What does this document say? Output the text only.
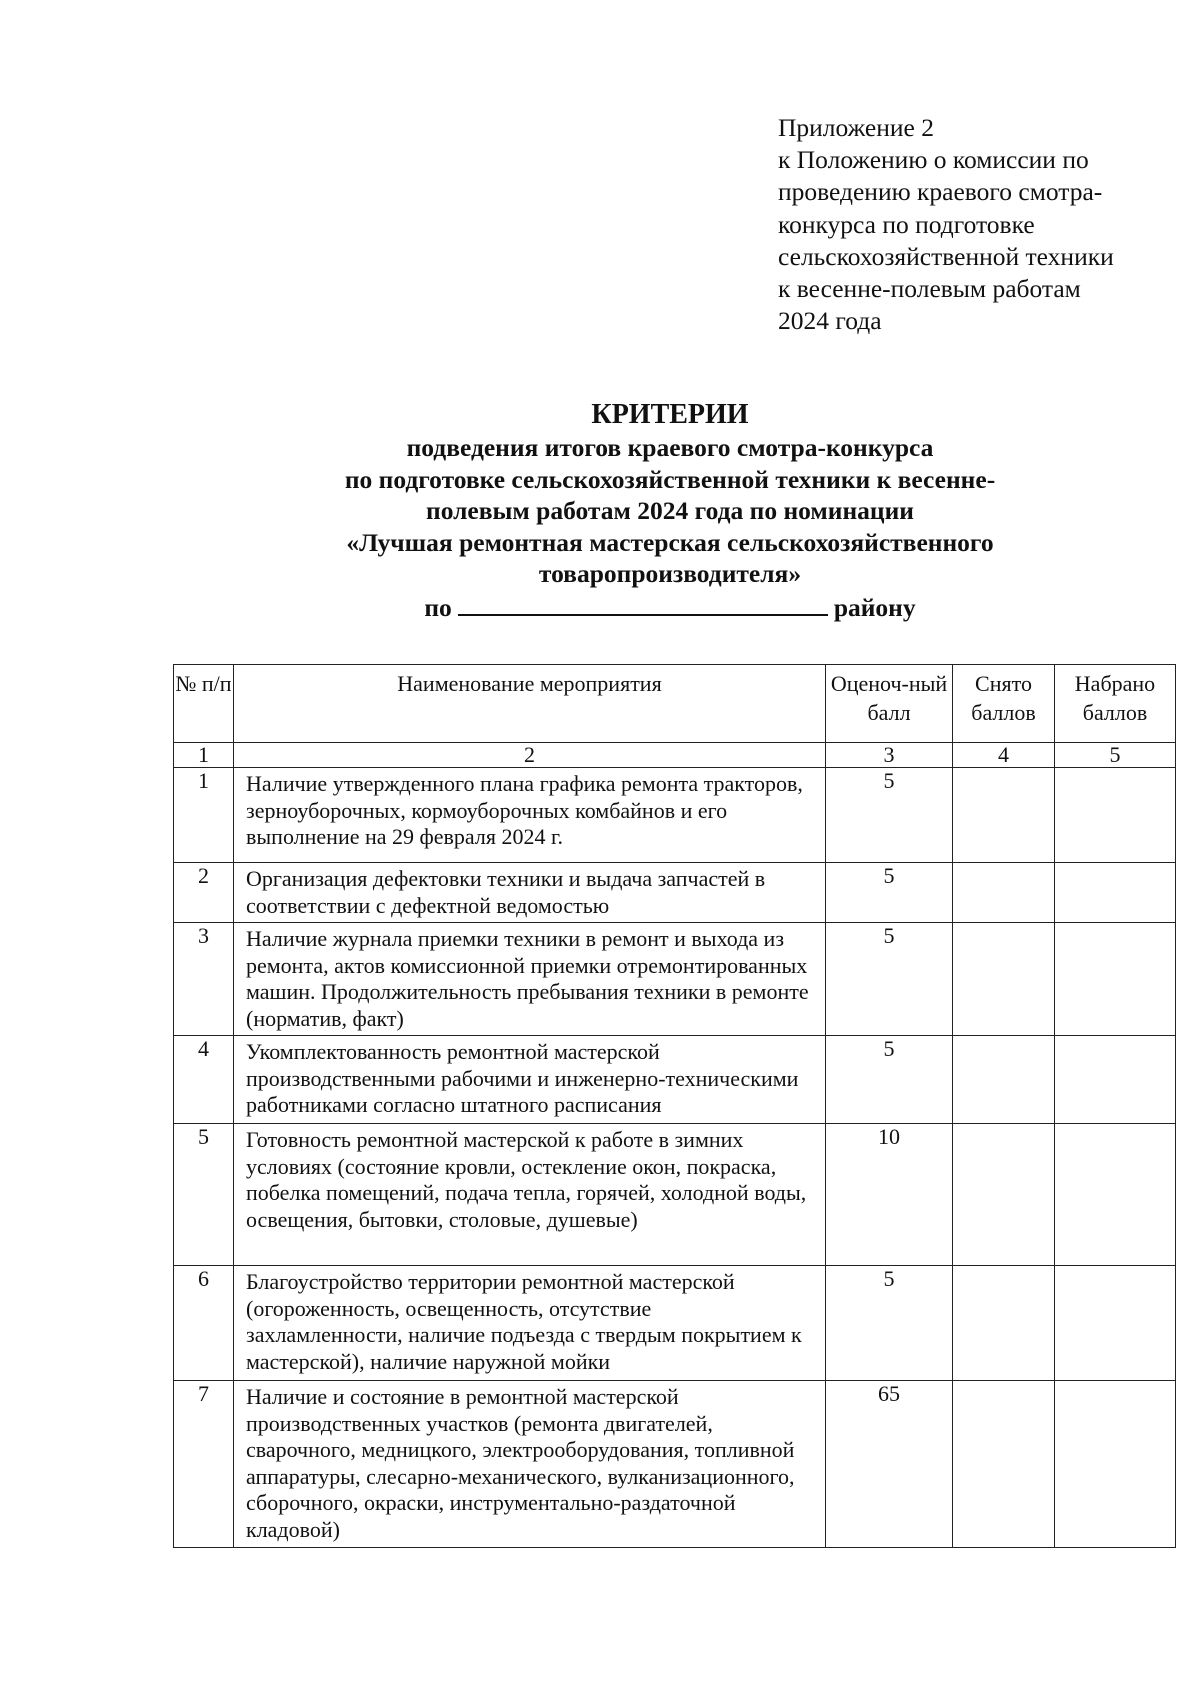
Приложение 2
к Положению о комиссии по
проведению краевого смотра-
конкурса по подготовке
сельскохозяйственной техники
к весенне-полевым работам
2024 года
КРИТЕРИИ
подведения итогов краевого смотра-конкурса
по подготовке сельскохозяйственной техники к весенне-
полевым работам 2024 года по номинации
«Лучшая ремонтная мастерская сельскохозяйственного
товаропроизводителя»
по	району
№ п/п	Наименование мероприятия	Оценоч-ный балл	Снято баллов	Набрано баллов

1	2	3	4	5
1	Наличие утвержденного плана графика ремонта тракторов, зерноуборочных, кормоуборочных комбайнов и его выполнение на 29 февраля 2024 г.	5		
2	Организация дефектовки техники и выдача запчастей в соответствии с дефектной ведомостью	5		
3	Наличие журнала приемки техники в ремонт и выхода из ремонта, актов комиссионной приемки отремонтированных машин. Продолжительность пребывания техники в ремонте (норматив, факт)	5		
4	Укомплектованность ремонтной мастерской производственными рабочими и инженерно-техническими работниками согласно штатного расписания	5		
5	Готовность ремонтной мастерской к работе в зимних условиях (состояние кровли, остекление окон, покраска, побелка помещений, подача тепла, горячей, холодной воды, освещения, бытовки, столовые, душевые)	10		
6	Благоустройство территории ремонтной мастерской (огороженность, освещенность, отсутствие захламленности, наличие подъезда с твердым покрытием к мастерской), наличие наружной мойки	5		
7	Наличие и состояние в ремонтной мастерской производственных участков (ремонта двигателей, сварочного, медницкого, электрооборудования, топливной аппаратуры, слесарно-механического, вулканизационного, сборочного, окраски, инструментально-раздаточной кладовой)	65		
